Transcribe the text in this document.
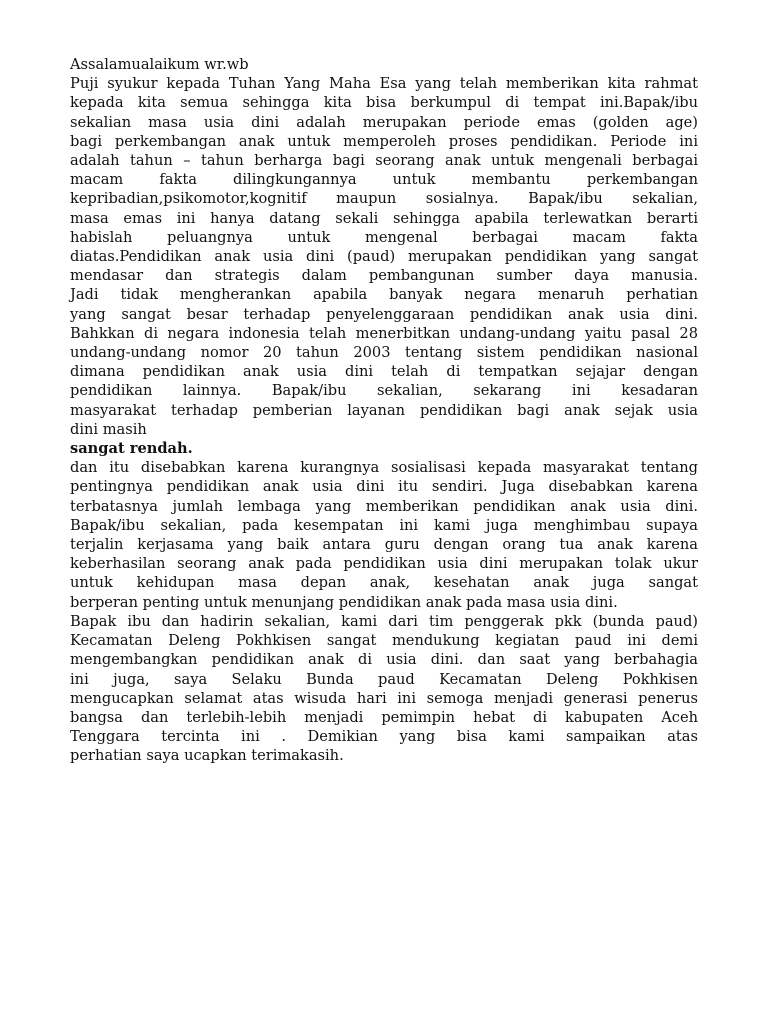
Assalamualaikum wr.wb
Puji syukur kepada Tuhan Yang Maha Esa yang telah memberikan kita rahmat
kepada kita semua sehingga kita bisa berkumpul di tempat ini.Bapak/ibu
sekalian masa usia dini adalah merupakan periode emas (golden age)
bagi perkembangan anak untuk memperoleh proses pendidikan. Periode ini
adalah tahun – tahun berharga bagi seorang anak untuk mengenali berbagai
macam fakta dilingkungannya untuk membantu perkembangan
kepribadian,psikomotor,kognitif maupun sosialnya. Bapak/ibu sekalian,
masa emas ini hanya datang sekali sehingga apabila terlewatkan berarti
habislah peluangnya untuk mengenal berbagai macam fakta
diatas.Pendidikan anak usia dini (paud) merupakan pendidikan yang sangat
mendasar dan strategis dalam pembangunan sumber daya manusia.
Jadi tidak mengherankan apabila banyak negara menaruh perhatian
yang sangat besar terhadap penyelenggaraan pendidikan anak usia dini.
Bahkkan di negara indonesia telah menerbitkan undang-undang yaitu pasal 28
undang-undang nomor 20 tahun 2003 tentang sistem pendidikan nasional
dimana pendidikan anak usia dini telah di tempatkan sejajar dengan
pendidikan lainnya. Bapak/ibu sekalian, sekarang ini kesadaran
masyarakat terhadap pemberian layanan pendidikan bagi anak sejak usia
dini masih
sangat rendah.
dan itu disebabkan karena kurangnya sosialisasi kepada masyarakat tentang
pentingnya pendidikan anak usia dini itu sendiri. Juga disebabkan karena
terbatasnya jumlah lembaga yang memberikan pendidikan anak usia dini.
Bapak/ibu sekalian, pada kesempatan ini kami juga menghimbau supaya
terjalin kerjasama yang baik antara guru dengan orang tua anak karena
keberhasilan seorang anak pada pendidikan usia dini merupakan tolak ukur
untuk kehidupan masa depan anak, kesehatan anak juga sangat
berperan penting untuk menunjang pendidikan anak pada masa usia dini.
Bapak ibu dan hadirin sekalian, kami dari tim penggerak pkk (bunda paud)
Kecamatan Deleng Pokhkisen sangat mendukung kegiatan paud ini demi
mengembangkan pendidikan anak di usia dini. dan saat yang berbahagia
ini juga, saya Selaku Bunda paud Kecamatan Deleng Pokhkisen
mengucapkan selamat atas wisuda hari ini semoga menjadi generasi penerus
bangsa dan terlebih-lebih menjadi pemimpin hebat di kabupaten Aceh
Tenggara tercinta ini . Demikian yang bisa kami sampaikan atas
perhatian saya ucapkan terimakasih.
